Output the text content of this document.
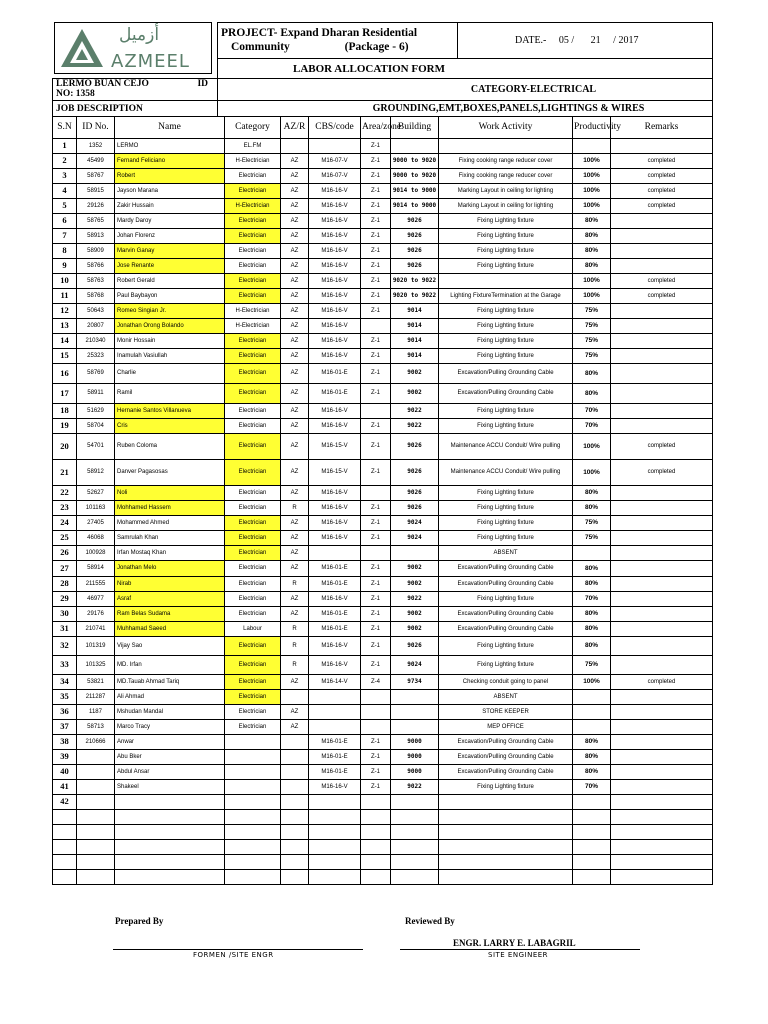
أزميل
AZMEEL

	PROJECT- Expand Dharan Residential
Community (Package - 6)	DATE.- 05 / 21 / 2017
	LABOR ALLOCATION FORM	

LERMO BUAN CEJO ID
NO: 1358	CATEGORY-ELECTRICAL	
JOB DESCRIPTION	GROUNDING,EMT,BOXES,PANELS,LIGHTINGS & WIRES	
S.N	ID No.	Name	Category	AZ/R	CBS/code	Area/zone	Building	Work Activity	Productivity	Remarks
1	1352	LERMO	EL.FM			Z-1				
2	45499	Fernand Feliciano	H-Electrician	AZ	M16-07-V	Z-1	9000 to 9020	Fixing cooking range reducer cover	100%	completed
3	58767	Robert	Electrician	AZ	M16-07-V	Z-1	9000 to 9020	Fixing cooking range reducer cover	100%	completed
4	58915	Jayson Marana	Electrician	AZ	M16-16-V	Z-1	9014 to 9000	Marking Layout in ceiling for lighting	100%	completed
5	29126	Zakir Hussain	H-Electrician	AZ	M16-16-V	Z-1	9014 to 9000	Marking Layout in ceiling for lighting	100%	completed
6	58765	Mardy Daroy	Electrician	AZ	M16-16-V	Z-1	9026	Fixing Lighting fixture	80%	
7	58913	Johan Florenz	Electrician	AZ	M16-16-V	Z-1	9026	Fixing Lighting fixture	80%	
8	58909	Marvin Ganay	Electrician	AZ	M16-16-V	Z-1	9026	Fixing Lighting fixture	80%	
9	58766	Jose Renante	Electrician	AZ	M16-16-V	Z-1	9026	Fixing Lighting fixture	80%	
10	58763	Robert Gerald	Electrician	AZ	M16-16-V	Z-1	9020 to 9022		100%	completed
11	58768	Paul Baybayon	Electrician	AZ	M16-16-V	Z-1	9020 to 9022	Lighting FixtureTermination at the Garage	100%	completed
12	50643	Romeo Singian Jr.	H-Electrician	AZ	M16-16-V	Z-1	9014	Fixing Lighting fixture	75%	
13	20807	Jonathan Orong Bolando	H-Electrician	AZ	M16-16-V		9014	Fixing Lighting fixture	75%	
14	210340	Monir Hossain	Electrician	AZ	M16-16-V	Z-1	9014	Fixing Lighting fixture	75%	
15	25323	Inamulah Vasiullah	Electrician	AZ	M16-16-V	Z-1	9014	Fixing Lighting fixture	75%	
16	58769	Charlie	Electrician	AZ	M16-01-E	Z-1	9002	Excavation/Pulling Grounding Cable	80%	
17	58911	Ramil	Electrician	AZ	M16-01-E	Z-1	9002	Excavation/Pulling Grounding Cable	80%	
18	51629	Hernanie Santos Villanueva	Electrician	AZ	M16-16-V		9022	Fixing Lighting fixture	70%	
19	58704	Cris	Electrician	AZ	M16-16-V	Z-1	9022	Fixing Lighting fixture	70%	
20	54701	Ruben Coloma	Electrician	AZ	M16-15-V	Z-1	9026	Maintenance ACCU Conduit/ Wire pulling	100%	completed
21	58912	Danver Pagasosas	Electrician	AZ	M16-15-V	Z-1	9026	Maintenance ACCU Conduit/ Wire pulling	100%	completed
22	52627	Noli	Electrician	AZ	M16-16-V		9026	Fixing Lighting fixture	80%	
23	101163	Mohhamed Hassem	Electrician	R	M16-16-V	Z-1	9026	Fixing Lighting fixture	80%	
24	27405	Mohammed Ahmed	Electrician	AZ	M16-16-V	Z-1	9024	Fixing Lighting fixture	75%	
25	46068	Samrulah Khan	Electrician	AZ	M16-16-V	Z-1	9024	Fixing Lighting fixture	75%	
26	100928	Irfan Mostaq Khan	Electrician	AZ				ABSENT		
27	58914	Jonathan Melo	Electrician	AZ	M16-01-E	Z-1	9002	Excavation/Pulling Grounding Cable	80%	
28	211555	Nirab	Electrician	R	M16-01-E	Z-1	9002	Excavation/Pulling Grounding Cable	80%	
29	46977	Asraf	Electrician	AZ	M16-16-V	Z-1	9022	Fixing Lighting fixture	70%	
30	29176	Ram Belas Sudama	Electrician	AZ	M16-01-E	Z-1	9002	Excavation/Pulling Grounding Cable	80%	
31	210741	Muhhamad Saeed	Labour	R	M16-01-E	Z-1	9002	Excavation/Pulling Grounding Cable	80%	
32	101319	Vijay Sao	Electrician	R	M16-16-V	Z-1	9026	Fixing Lighting fixture	80%	
33	101325	MD. Irfan	Electrician	R	M16-16-V	Z-1	9024	Fixing Lighting fixture	75%	
34	53821	MD.Tauab Ahmad Tariq	Electrician	AZ	M16-14-V	Z-4	9734	Checking conduit going to panel	100%	completed
35	211287	Ali Ahmad	Electrician					ABSENT		
36	1187	Mshudan Mandal	Electrician	AZ				STORE KEEPER		
37	58713	Marco Tracy	Electrician	AZ				MEP OFFICE		
38	210666	Anwar			M16-01-E	Z-1	9000	Excavation/Pulling Grounding Cable	80%	
39		Abu Bker			M16-01-E	Z-1	9000	Excavation/Pulling Grounding Cable	80%	
40		Abdul Ansar			M16-01-E	Z-1	9000	Excavation/Pulling Grounding Cable	80%	
41		Shakeel			M16-16-V	Z-1	9022	Fixing Lighting fixture	70%	
42										

Prepared By	Reviewed By
ENGR. LARRY E. LABAGRIL
FORMEN /SITE ENGR	SITE ENGINEER
